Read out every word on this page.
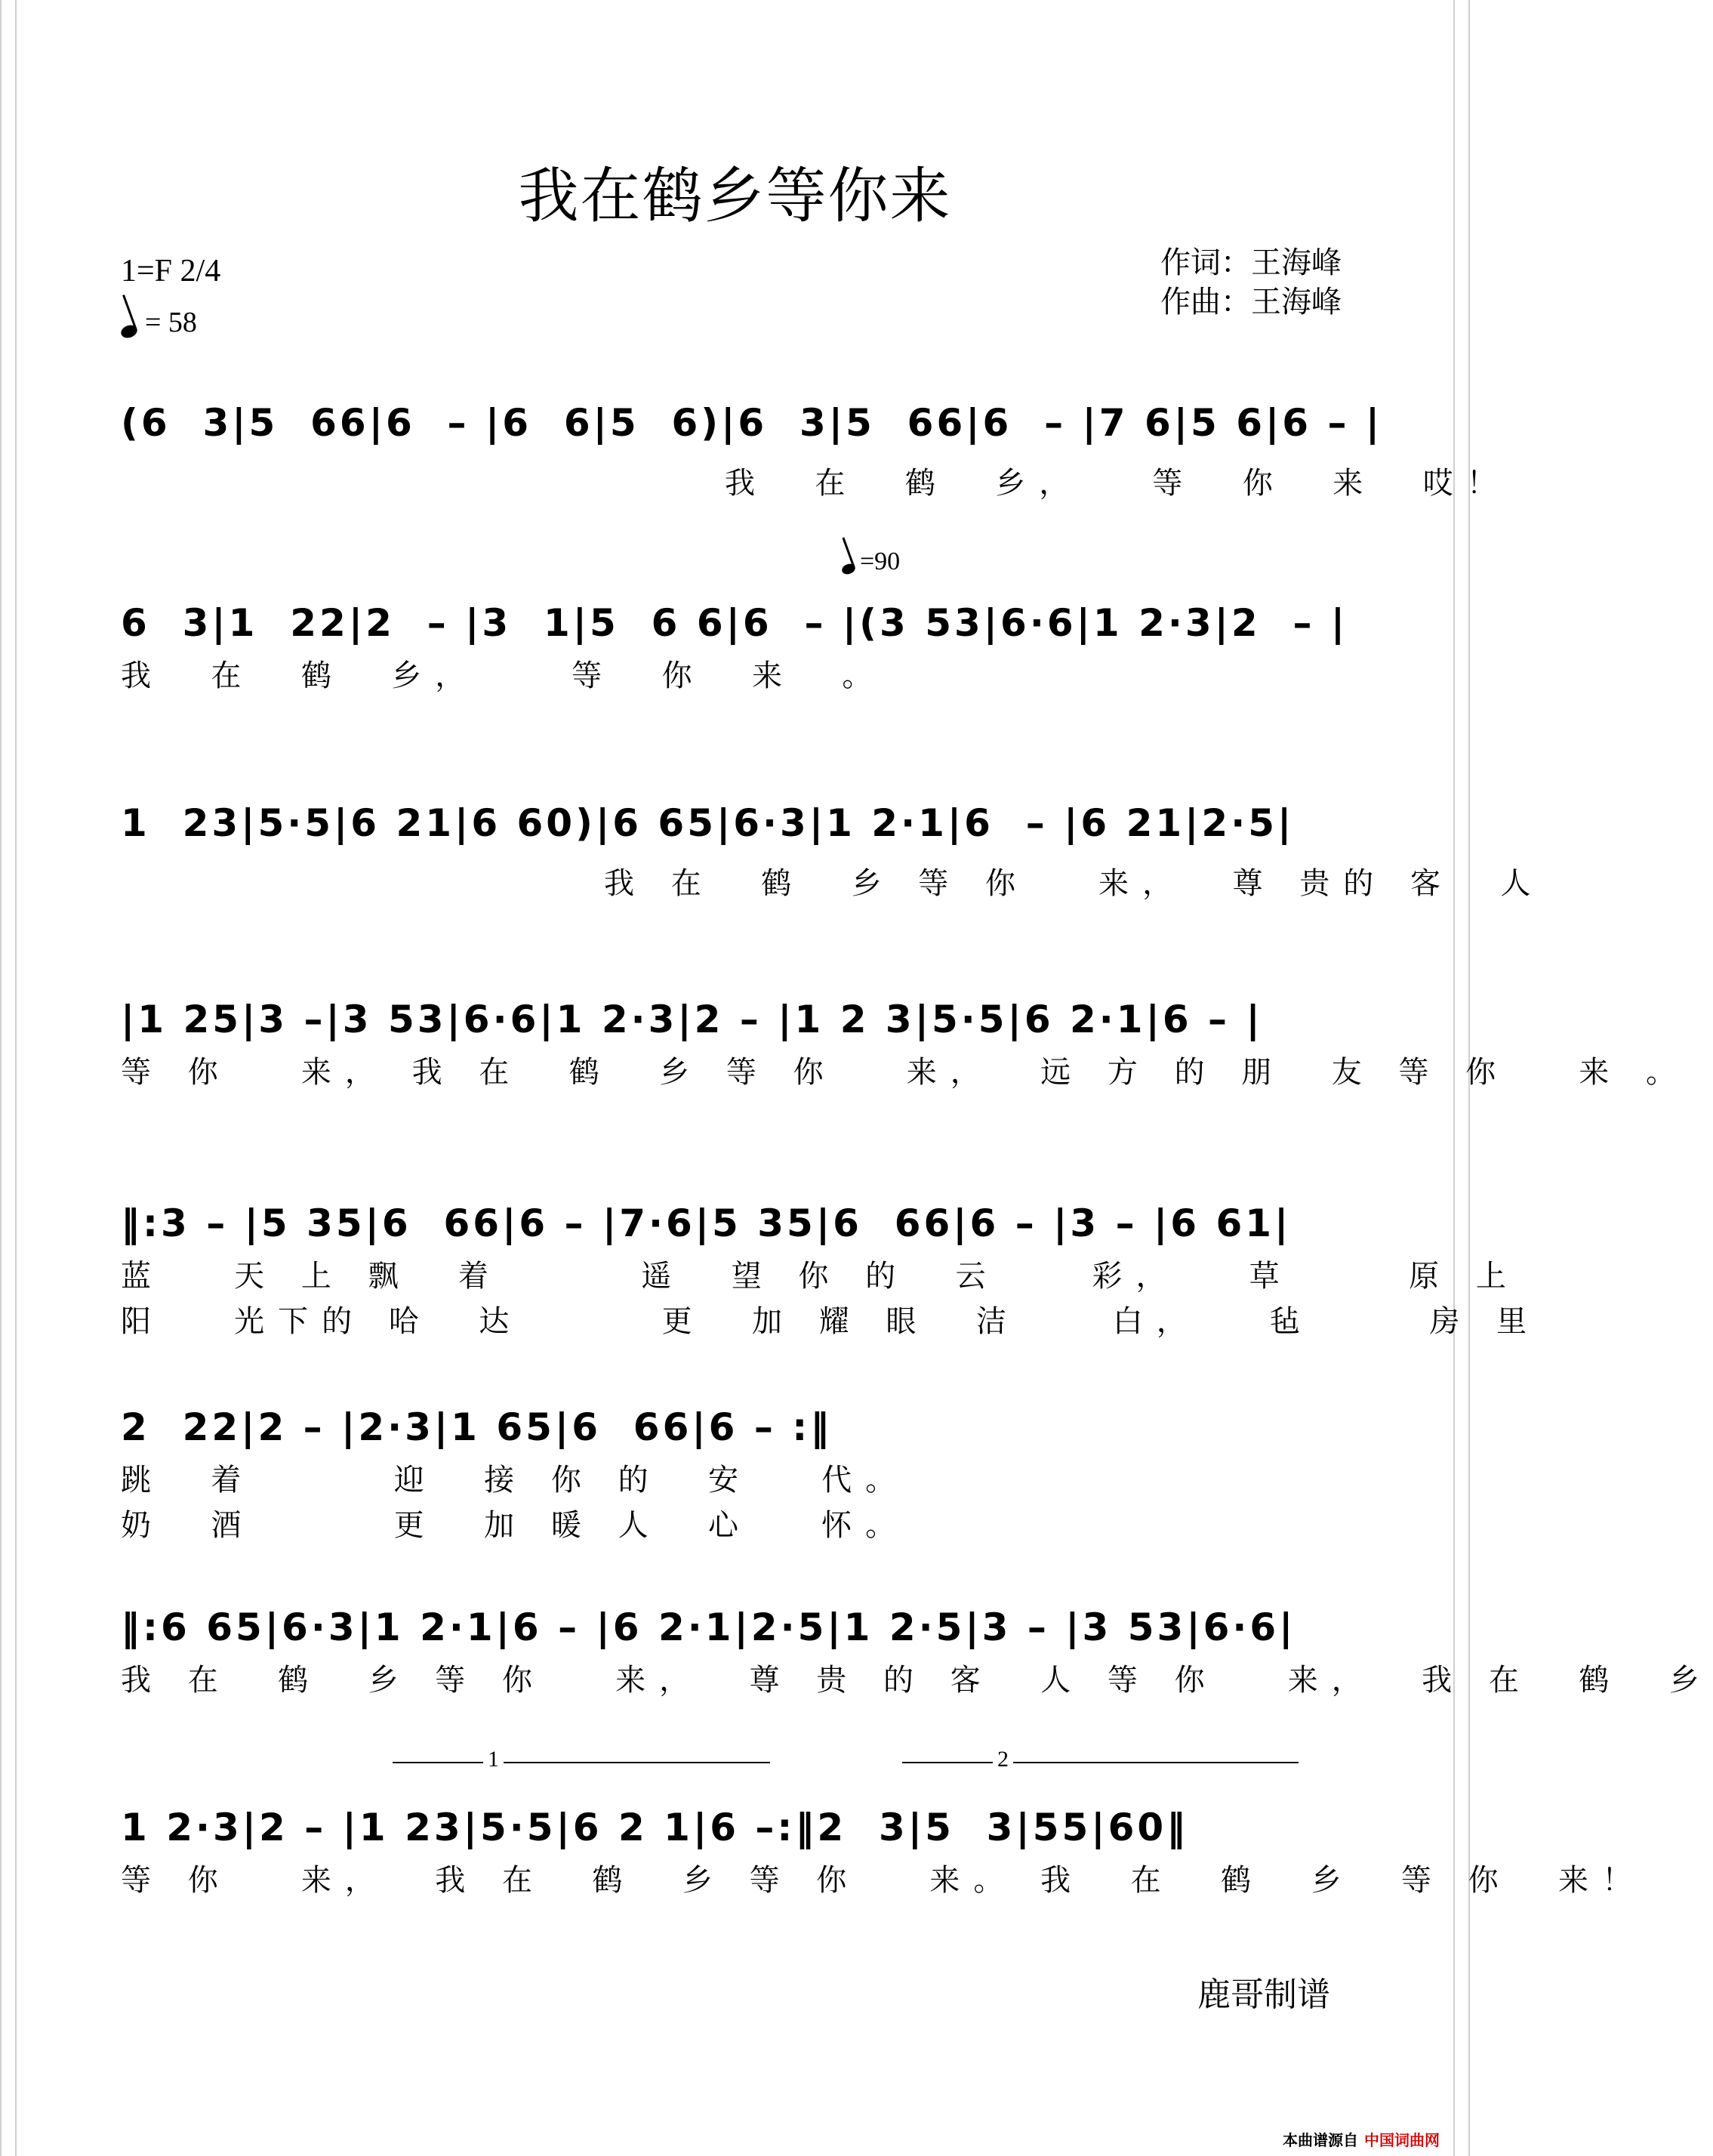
我在鹤乡等你来
1=F 2/4
= 58
作词：王海峰
作曲：王海峰
=90
(6  3|5  66|6  – |6  6|5  6)|6  3|5  66|6  – |7 6|5 6|6 – |
我  在  鹤  乡，   等  你  来  哎！
6  3|1  22|2  – |3  1|5  6 6|6  – |(3 53|6·6|1 2·3|2  – |
我  在  鹤  乡，    等  你  来  。
1  23|5·5|6 21|6 60)|6 65|6·3|1 2·1|6  – |6 21|2·5|
我 在  鹤  乡 等 你   来，  尊 贵的 客  人
|1 25|3 –|3 53|6·6|1 2·3|2 – |1 2 3|5·5|6 2·1|6 – |
等 你   来， 我 在  鹤  乡 等 你   来，  远 方 的 朋  友 等 你   来 。
‖:3 – |5 35|6  66|6 – |7·6|5 35|6  66|6 – |3 – |6 61|
蓝   天 上 飘  着      遥  望 你 的  云    彩，   草     原 上
阳   光下的 哈  达      更  加 耀 眼  洁    白，   毡     房 里
2  22|2 – |2·3|1 65|6  66|6 – :‖
跳  着      迎  接 你 的  安   代。
奶  酒      更  加 暖 人  心   怀。
‖:6 65|6·3|1 2·1|6 – |6 2·1|2·5|1 2·5|3 – |3 53|6·6|
我 在  鹤  乡 等 你   来，  尊 贵 的 客  人 等 你   来，  我 在  鹤  乡
1	2
1 2·3|2 – |1 23|5·5|6 2 1|6 –:‖2  3|5  3|55|60‖
等 你   来，  我 在  鹤  乡 等 你   来。 我  在  鹤  乡  等 你  来！
鹿哥制谱
本曲谱源自 中国词曲网
